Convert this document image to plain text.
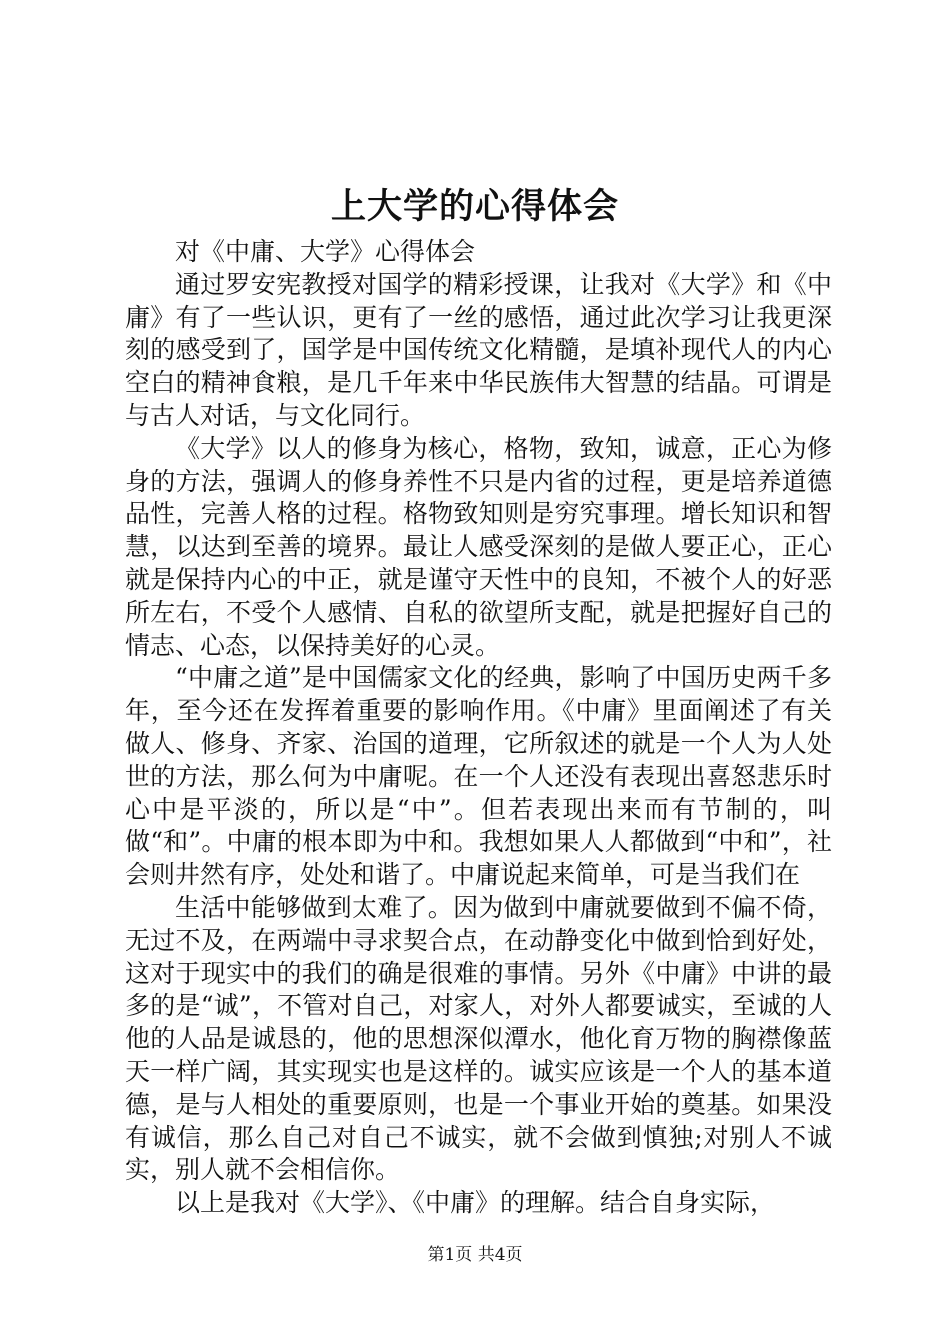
上大学的心得体会

对《中庸、大学》心得体会

通过罗安宪教授对国学的精彩授课，让我对《大学》和《中庸》有了一些认识，更有了一丝的感悟，通过此次学习让我更深刻的感受到了，国学是中国传统文化精髓，是填补现代人的内心空白的精神食粮，是几千年来中华民族伟大智慧的结晶。可谓是与古人对话，与文化同行。

《大学》以人的修身为核心，格物，致知，诚意，正心为修身的方法，强调人的修身养性不只是内省的过程，更是培养道德品性，完善人格的过程。格物致知则是穷究事理。增长知识和智慧，以达到至善的境界。最让人感受深刻的是做人要正心，正心就是保持内心的中正，就是谨守天性中的良知，不被个人的好恶所左右，不受个人感情、自私的欲望所支配，就是把握好自己的情志、心态，以保持美好的心灵。

“中庸之道”是中国儒家文化的经典，影响了中国历史两千多年，至今还在发挥着重要的影响作用。《中庸》里面阐述了有关做人、修身、齐家、治国的道理，它所叙述的就是一个人为人处世的方法，那么何为中庸呢。在一个人还没有表现出喜怒悲乐时心中是平淡的，所以是“中”。但若表现出来而有节制的，叫做“和”。中庸的根本即为中和。我想如果人人都做到“中和”，社会则井然有序，处处和谐了。中庸说起来简单，可是当我们在

生活中能够做到太难了。因为做到中庸就要做到不偏不倚，无过不及，在两端中寻求契合点，在动静变化中做到恰到好处，这对于现实中的我们的确是很难的事情。另外《中庸》中讲的最多的是“诚”，不管对自己，对家人，对外人都要诚实，至诚的人他的人品是诚恳的，他的思想深似潭水，他化育万物的胸襟像蓝天一样广阔，其实现实也是这样的。诚实应该是一个人的基本道德，是与人相处的重要原则，也是一个事业开始的奠基。如果没有诚信，那么自己对自己不诚实，就不会做到慎独;对别人不诚实，别人就不会相信你。

以上是我对《大学》、《中庸》的理解。结合自身实际，

第1页 共4页
